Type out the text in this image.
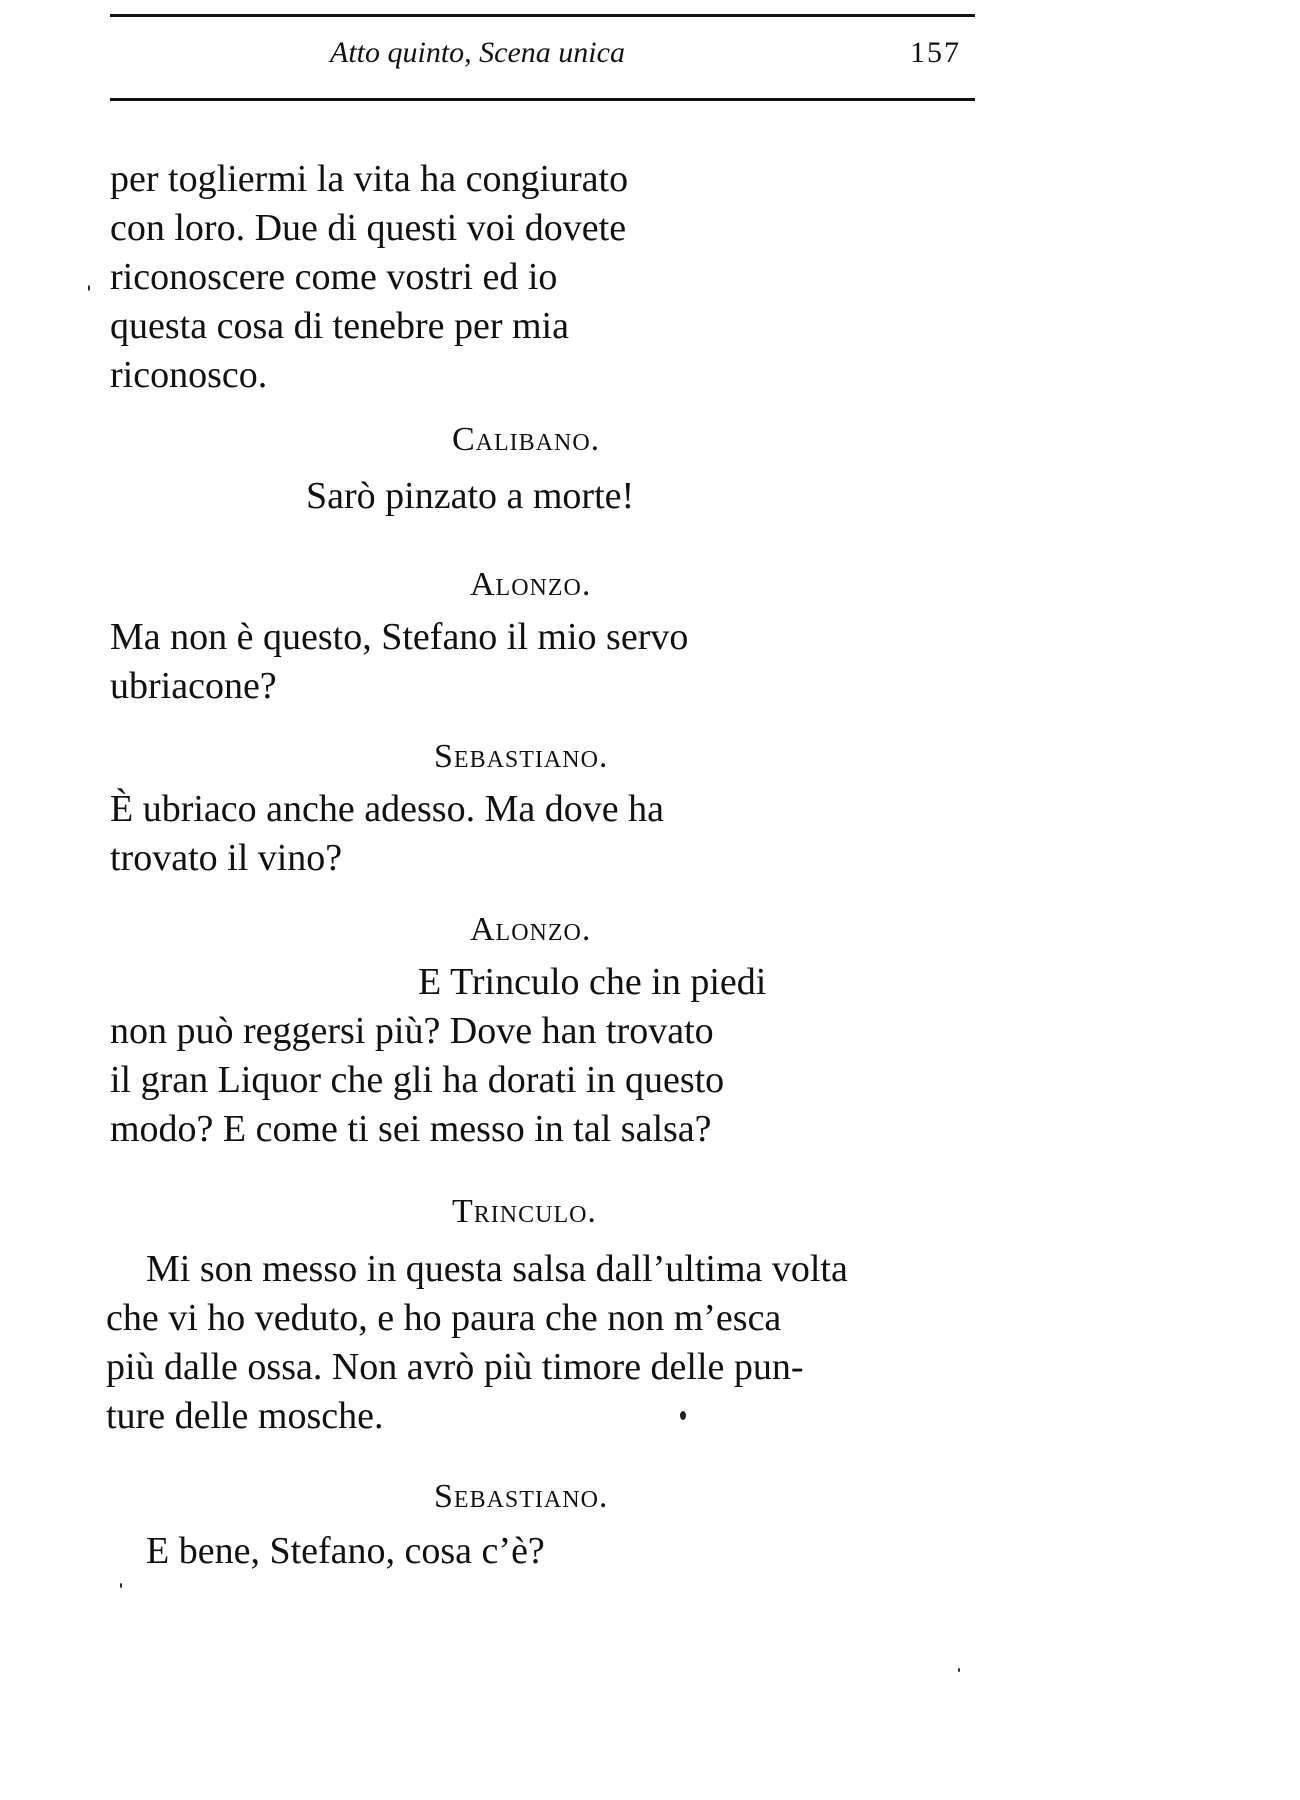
Atto quinto, Scena unica	157
per togliermi la vita ha congiurato
con loro. Due di questi voi dovete
riconoscere come vostri ed io
questa cosa di tenebre per mia
riconosco.
Calibano.
Sarò pinzato a morte!
Alonzo.
Ma non è questo, Stefano il mio servo
ubriacone?
Sebastiano.
È ubriaco anche adesso. Ma dove ha
trovato il vino?
Alonzo.
E Trinculo che in piedi
non può reggersi più? Dove han trovato
il gran Liquor che gli ha dorati in questo
modo? E come ti sei messo in tal salsa?
Trinculo.
Mi son messo in questa salsa dall’ultima volta
che vi ho veduto, e ho paura che non m’esca
più dalle ossa. Non avrò più timore delle pun-
ture delle mosche.
Sebastiano.
E bene, Stefano, cosa c’è?
